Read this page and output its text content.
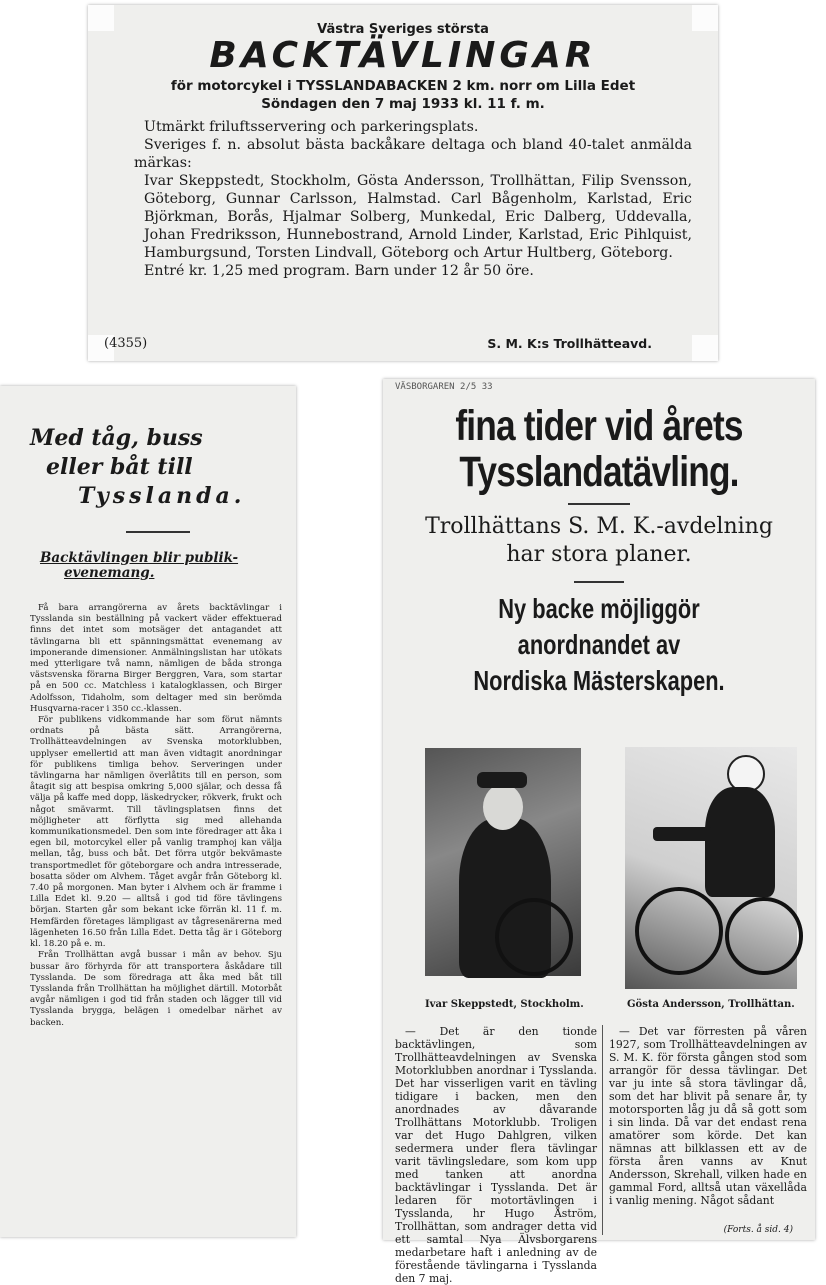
Västra Sveriges största
BACKTÄVLINGAR
för motorcykel i TYSSLANDABACKEN 2 km. norr om Lilla Edet
Söndagen den 7 maj 1933 kl. 11 f. m.

Utmärkt friluftsservering och parkeringsplats.

Sveriges f. n. absolut bästa backåkare deltaga och bland 40-talet anmälda märkas:

Ivar Skeppstedt, Stockholm, Gösta Andersson, Trollhättan, Filip Svensson, Göteborg, Gunnar Carlsson, Halmstad. Carl Bågenholm, Karlstad, Eric Björkman, Borås, Hjalmar Solberg, Munkedal, Eric Dalberg, Uddevalla, Johan Fredriksson, Hunnebostrand, Arnold Linder, Karlstad, Eric Pihlquist, Hamburgsund, Torsten Lindvall, Göteborg och Artur Hultberg, Göteborg.

Entré kr. 1,25 med program. Barn under 12 år 50 öre.

(4355)	S. M. K:s Trollhätteavd.
Med tåg, buss
eller båt till
Tysslanda.
Backtävlingen blir publik-
evenemang.

Få bara arrangörerna av årets backtävlingar i Tysslanda sin beställning på vackert väder effektuerad finns det intet som motsäger det antagandet att tävlingarna bli ett spänningsmättat evenemang av imponerande dimensioner. Anmälningslistan har utökats med ytterligare två namn, nämligen de båda stronga västsvenska förarna Birger Berggren, Vara, som startar på en 500 cc. Matchless i katalogklassen, och Birger Adolfsson, Tidaholm, som deltager med sin berömda Husqvarna-racer i 350 cc.-klassen.

För publikens vidkommande har som förut nämnts ordnats på bästa sätt. Arrangörerna, Trollhätteavdelningen av Svenska motorklubben, upplyser emellertid att man även vidtagit anordningar för publikens timliga behov. Serveringen under tävlingarna har nämligen överlåtits till en person, som åtagit sig att bespisa omkring 5,000 själar, och dessa få välja på kaffe med dopp, läskedrycker, rökverk, frukt och något smävarmt. Till tävlingsplatsen finns det möjligheter att förflytta sig med allehanda kommunikationsmedel. Den som inte föredrager att åka i egen bil, motorcykel eller på vanlig tramphoj kan välja mellan, tåg, buss och båt. Det förra utgör bekvämaste transportmedlet för göteborgare och andra intresserade, bosatta söder om Alvhem. Tåget avgår från Göteborg kl. 7.40 på morgonen. Man byter i Alvhem och är framme i Lilla Edet kl. 9.20 — alltså i god tid före tävlingens början. Starten går som bekant icke förrän kl. 11 f. m. Hemfärden företages lämpligast av tågresenärerna med lägenheten 16.50 från Lilla Edet. Detta tåg är i Göteborg kl. 18.20 på e. m.

Från Trollhättan avgå bussar i mån av behov. Sju bussar äro förhyrda för att transportera åskådare till Tysslanda. De som föredraga att åka med båt till Tysslanda från Trollhättan ha möjlighet därtill. Motorbåt avgår nämligen i god tid från staden och lägger till vid Tysslanda brygga, belägen i omedelbar närhet av backen.

VÄSBORGAREN 2/5 33
fina tider vid årets
Tysslandatävling.
Trollhättans S. M. K.-avdelning
har stora planer.
Ny backe möjliggör anordnandet av
Nordiska Mästerskapen.
Ivar Skeppstedt, Stockholm.	Gösta Andersson, Trollhättan.

— Det är den tionde backtävlingen, som Trollhätteavdelningen av Svenska Motorklubben anordnar i Tysslanda. Det har visserligen varit en tävling tidigare i backen, men den anordnades av dåvarande Trollhättans Motorklubb. Troligen var det Hugo Dahlgren, vilken sedermera under flera tävlingar varit tävlingsledare, som kom upp med tanken att anordna backtävlingar i Tysslanda. Det är ledaren för motortävlingen i Tysslanda, hr Hugo Åström, Trollhättan, som andrager detta vid ett samtal Nya Älvsborgarens medarbetare haft i anledning av de förestående tävlingarna i Tysslanda den 7 maj.

— Det var förresten på våren 1927, som Trollhätteavdelningen av S. M. K. för första gången stod som arrangör för dessa tävlingar. Det var ju inte så stora tävlingar då, som det har blivit på senare år, ty motorsporten låg ju då så gott som i sin linda. Då var det endast rena amatörer som körde. Det kan nämnas att bilklassen ett av de första åren vanns av Knut Andersson, Skrehall, vilken hade en gammal Ford, alltså utan växellåda i vanlig mening. Något sådant

(Forts. å sid. 4)
